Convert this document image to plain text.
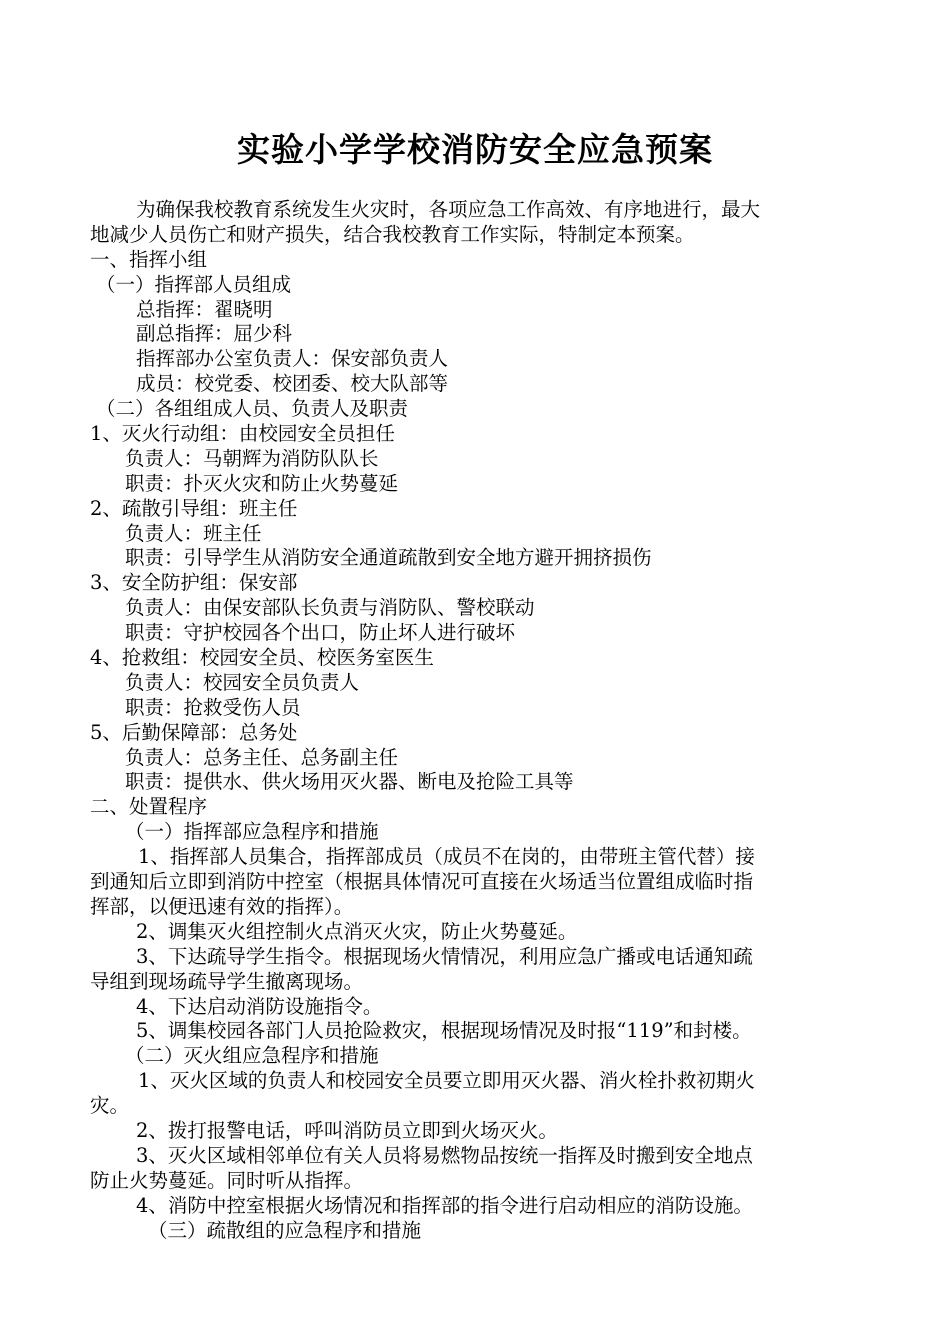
实验小学学校消防安全应急预案
为确保我校教育系统发生火灾时，各项应急工作高效、有序地进行，最大
地减少人员伤亡和财产损失，结合我校教育工作实际，特制定本预案。
一、指挥小组
（一）指挥部人员组成
总指挥：翟晓明
副总指挥：屈少科
指挥部办公室负责人：保安部负责人
成员：校党委、校团委、校大队部等
（二）各组组成人员、负责人及职责
1、灭火行动组：由校园安全员担任
负责人：马朝辉为消防队队长
职责：扑灭火灾和防止火势蔓延
2、疏散引导组：班主任
负责人：班主任
职责：引导学生从消防安全通道疏散到安全地方避开拥挤损伤
3、安全防护组：保安部
负责人：由保安部队长负责与消防队、警校联动
职责：守护校园各个出口，防止坏人进行破坏
4、抢救组：校园安全员、校医务室医生
负责人：校园安全员负责人
职责：抢救受伤人员
5、后勤保障部：总务处
负责人：总务主任、总务副主任
职责：提供水、供火场用灭火器、断电及抢险工具等
二、处置程序
（一）指挥部应急程序和措施
1、指挥部人员集合，指挥部成员（成员不在岗的，由带班主管代替）接
到通知后立即到消防中控室（根据具体情况可直接在火场适当位置组成临时指
挥部，以便迅速有效的指挥）。
2、调集灭火组控制火点消灭火灾，防止火势蔓延。
3、下达疏导学生指令。根据现场火情情况，利用应急广播或电话通知疏
导组到现场疏导学生撤离现场。
4、下达启动消防设施指令。
5、调集校园各部门人员抢险救灾，根据现场情况及时报“119”和封楼。
（二）灭火组应急程序和措施
1、灭火区域的负责人和校园安全员要立即用灭火器、消火栓扑救初期火
灾。
2、拨打报警电话，呼叫消防员立即到火场灭火。
3、灭火区域相邻单位有关人员将易燃物品按统一指挥及时搬到安全地点
防止火势蔓延。同时听从指挥。
4、消防中控室根据火场情况和指挥部的指令进行启动相应的消防设施。
（三）疏散组的应急程序和措施
